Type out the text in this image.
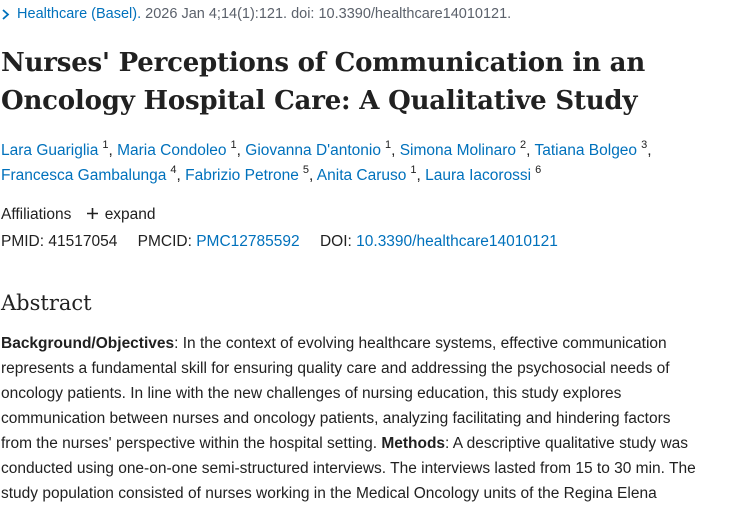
Healthcare (Basel). 2026 Jan 4;14(1):121. doi: 10.3390/healthcare14010121.
Nurses' Perceptions of Communication in an
Oncology Hospital Care: A Qualitative Study
Lara Guariglia $^1$, Maria Condoleo $^1$, Giovanna D'antonio $^1$, Simona Molinaro $^2$, Tatiana Bolgeo $^3$,
Francesca Gambalunga $^4$, Fabrizio Petrone $^5$, Anita Caruso $^1$, Laura Iacorossi $^6$
Affiliations expand
PMID: 41517054 PMCID: PMC12785592 DOI: 10.3390/healthcare14010121
Abstract
Background/Objectives: In the context of evolving healthcare systems, effective communication
represents a fundamental skill for ensuring quality care and addressing the psychosocial needs of
oncology patients. In line with the new challenges of nursing education, this study explores
communication between nurses and oncology patients, analyzing facilitating and hindering factors
from the nurses' perspective within the hospital setting. Methods: A descriptive qualitative study was
conducted using one-on-one semi-structured interviews. The interviews lasted from 15 to 30 min. The
study population consisted of nurses working in the Medical Oncology units of the Regina Elena
